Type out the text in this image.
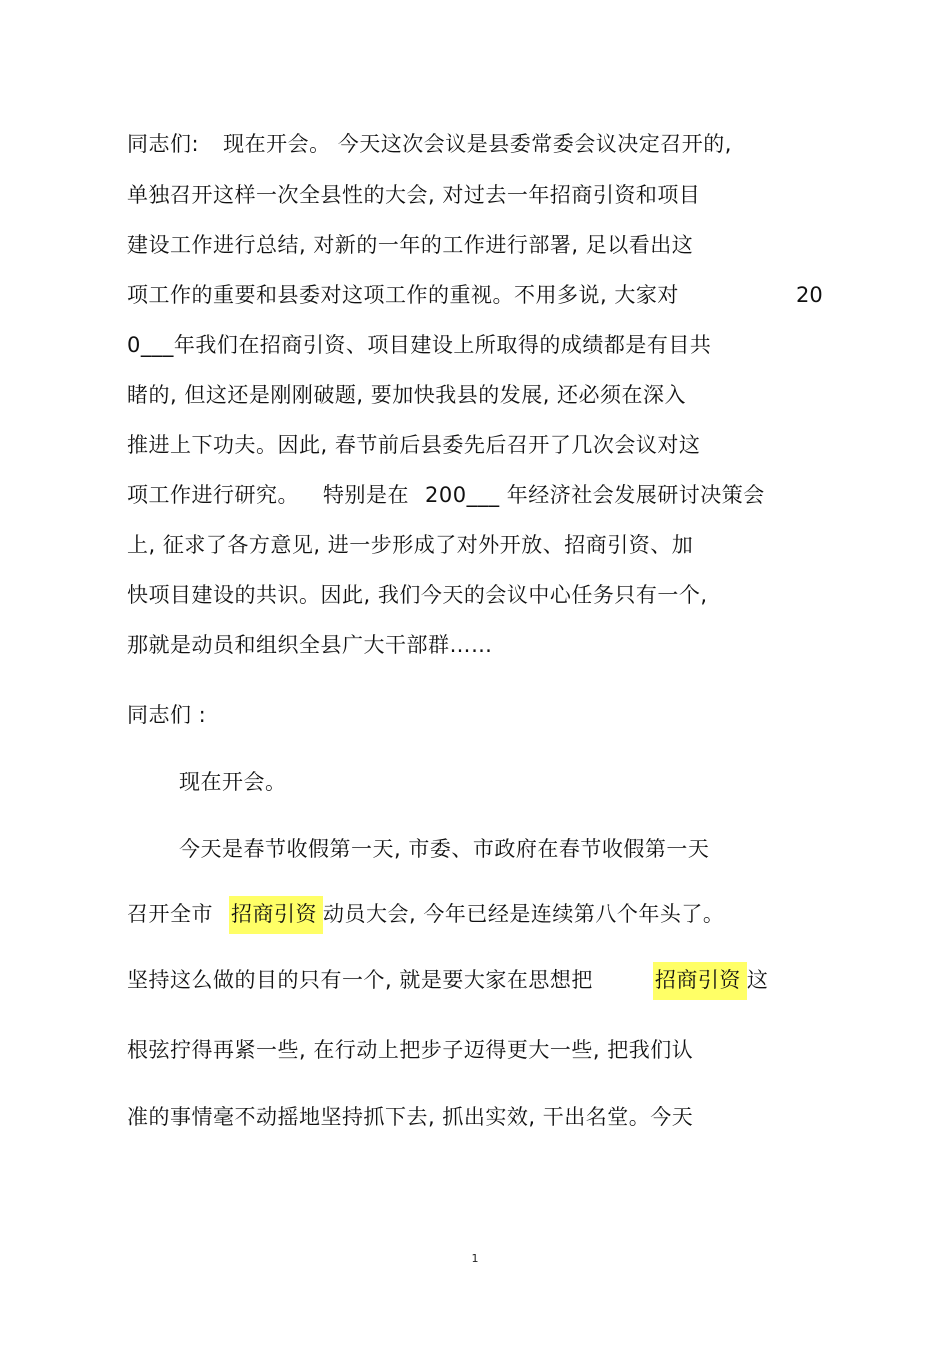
同志们: 现在开会。 今天这次会议是县委常委会议决定召开的,
单独召开这样一次全县性的大会, 对过去一年招商引资和项目
建设工作进行总结, 对新的一年的工作进行部署, 足以看出这
项工作的重要和县委对这项工作的重视。不用多说, 大家对	20
0___年我们在招商引资、项目建设上所取得的成绩都是有目共
睹的, 但这还是刚刚破题, 要加快我县的发展, 还必须在深入
推进上下功夫。因此, 春节前后县委先后召开了几次会议对这
项工作进行研究。 特别是在 200___ 年经济社会发展研讨决策会
上, 征求了各方意见, 进一步形成了对外开放、招商引资、加
快项目建设的共识。因此, 我们今天的会议中心任务只有一个,
那就是动员和组织全县广大干部群……
同志们 :
现在开会。
今天是春节收假第一天, 市委、市政府在春节收假第一天
召开全市 招商引资 动员大会, 今年已经是连续第八个年头了。
坚持这么做的目的只有一个, 就是要大家在思想把	招商引资 这
根弦拧得再紧一些, 在行动上把步子迈得更大一些, 把我们认
准的事情毫不动摇地坚持抓下去, 抓出实效, 干出名堂。今天
1
